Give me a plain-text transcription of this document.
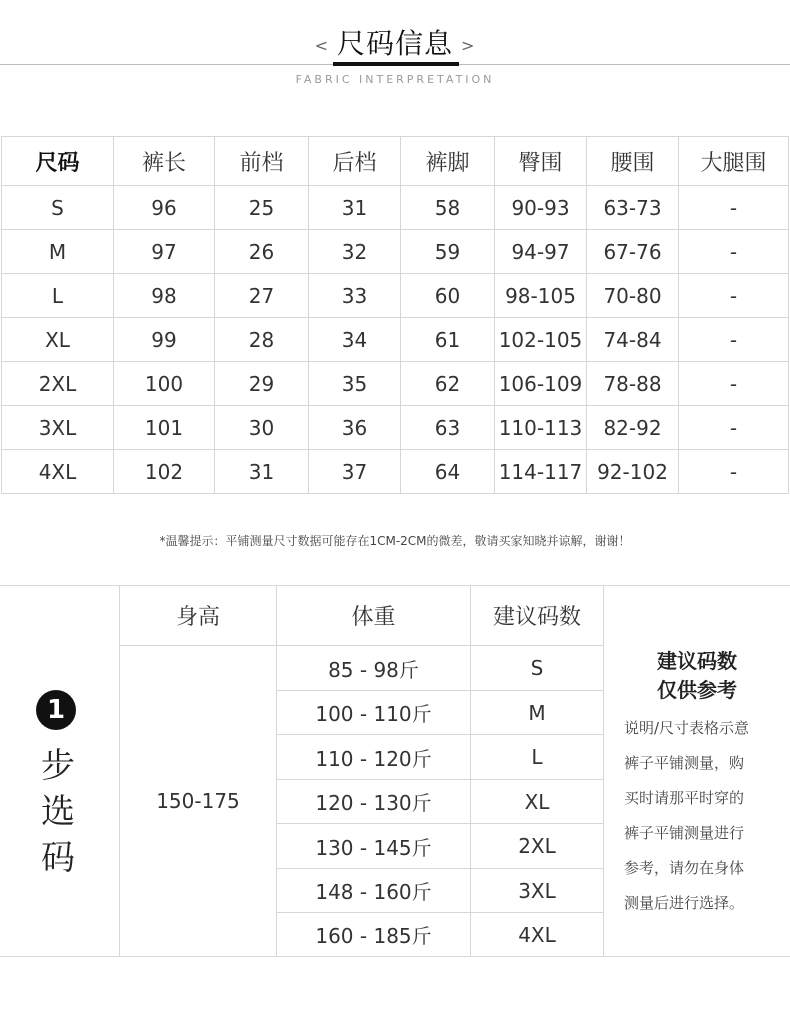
< 尺码信息 >
FABRIC INTERPRETATION
尺码	裤长	前档	后档	裤脚	臀围	腰围	大腿围
S	96	25	31	58	90-93	63-73	-
M	97	26	32	59	94-97	67-76	-
L	98	27	33	60	98-105	70-80	-
XL	99	28	34	61	102-105	74-84	-
2XL	100	29	35	62	106-109	78-88	-
3XL	101	30	36	63	110-113	82-92	-
4XL	102	31	37	64	114-117	92-102	-
*温馨提示：平铺测量尺寸数据可能存在1CM-2CM的微差，敬请买家知晓并谅解，谢谢！
1
步
选
码
身高	体重	建议码数
150-175
85 - 98斤	S
100 - 110斤	M
110 - 120斤	L
120 - 130斤	XL
130 - 145斤	2XL
148 - 160斤	3XL
160 - 185斤	4XL
建议码数
仅供参考
说明/尺寸表格示意
裤子平铺测量，购
买时请那平时穿的
裤子平铺测量进行
参考，请勿在身体
测量后进行选择。
